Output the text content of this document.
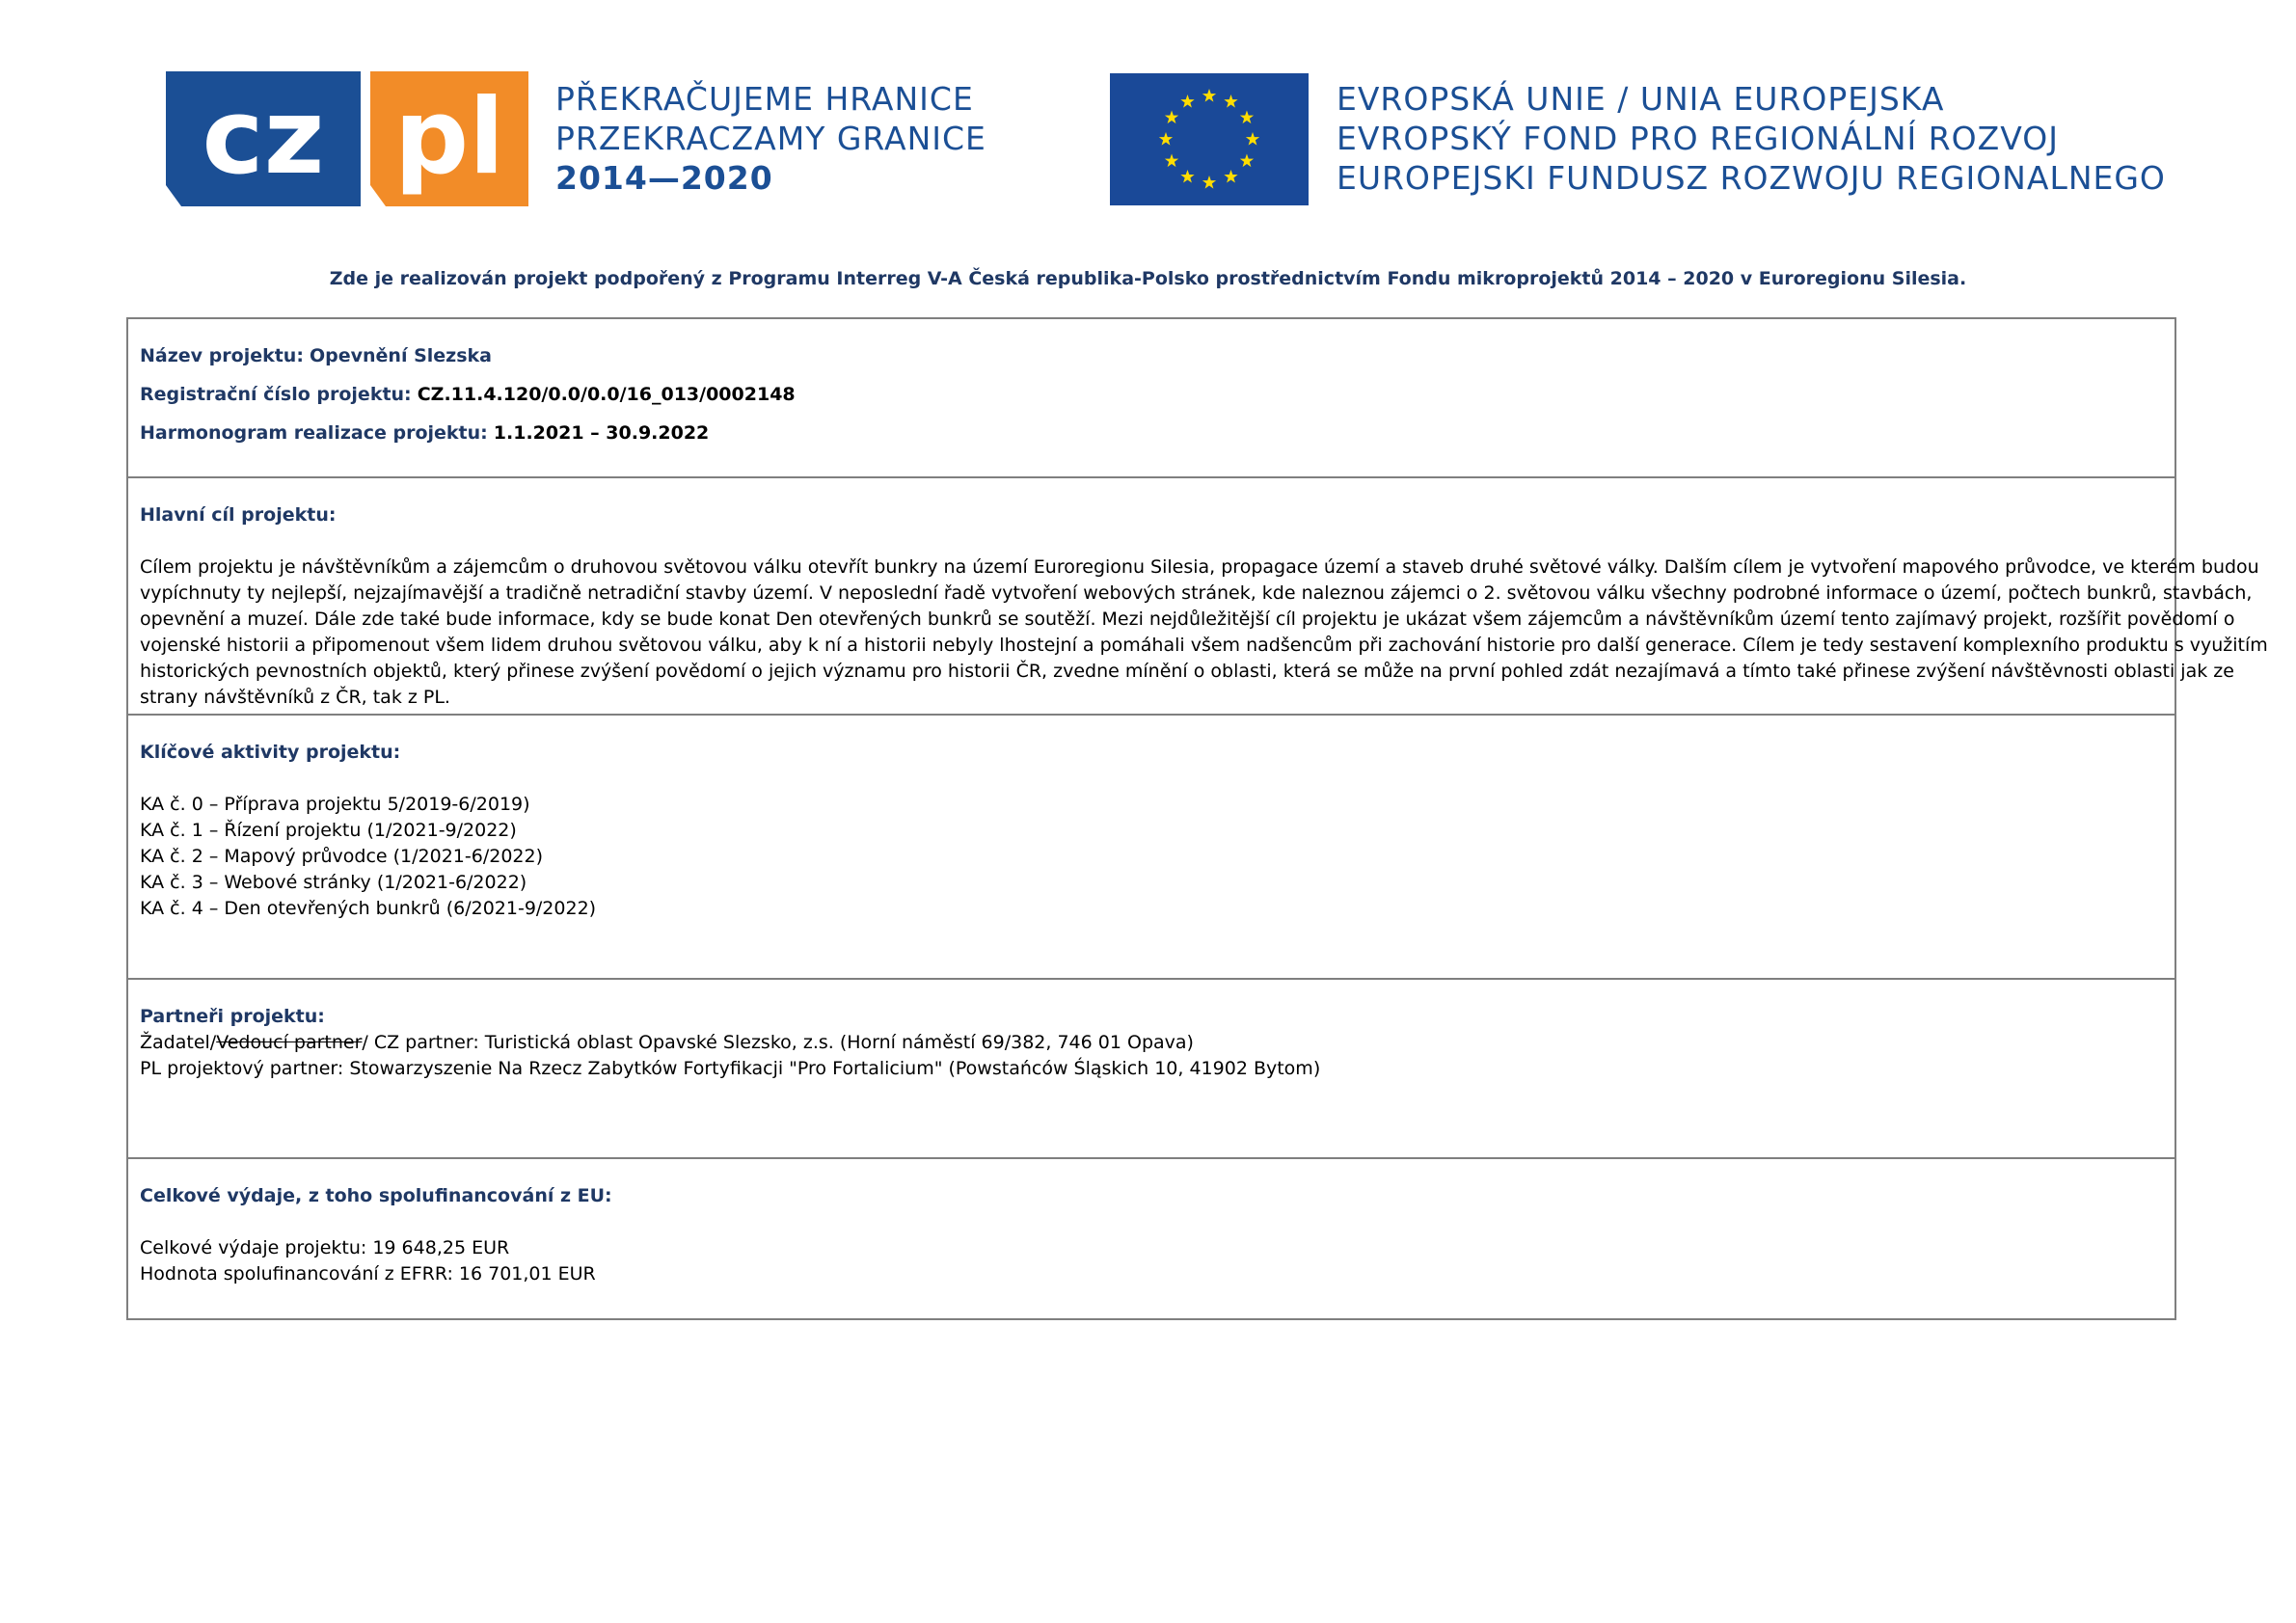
cz pl PŘEKRAČUJEME HRANICE
PRZEKRACZAMY GRANICE
2014—2020
EVROPSKÁ UNIE / UNIA EUROPEJSKA
EVROPSKÝ FOND PRO REGIONÁLNÍ ROZVOJ
EUROPEJSKI FUNDUSZ ROZWOJU REGIONALNEGO
Zde je realizován projekt podpořený z Programu Interreg V-A Česká republika-Polsko prostřednictvím Fondu mikroprojektů 2014 – 2020 v Euroregionu Silesia.
Název projektu: Opevnění Slezska
Registrační číslo projektu: CZ.11.4.120/0.0/0.0/16_013/0002148
Harmonogram realizace projektu: 1.1.2021 – 30.9.2022
Hlavní cíl projektu:
Cílem projektu je návštěvníkům a zájemcům o druhovou světovou válku otevřít bunkry na území Euroregionu Silesia, propagace území a staveb druhé světové války. Dalším cílem je vytvoření mapového průvodce, ve kterém budou
vypíchnuty ty nejlepší, nejzajímavější a tradičně netradiční stavby území. V neposlední řadě vytvoření webových stránek, kde naleznou zájemci o 2. světovou válku všechny podrobné informace o území, počtech bunkrů, stavbách,
opevnění a muzeí. Dále zde také bude informace, kdy se bude konat Den otevřených bunkrů se soutěží. Mezi nejdůležitější cíl projektu je ukázat všem zájemcům a návštěvníkům území tento zajímavý projekt, rozšířit povědomí o
vojenské historii a připomenout všem lidem druhou světovou válku, aby k ní a historii nebyly lhostejní a pomáhali všem nadšencům při zachování historie pro další generace. Cílem je tedy sestavení komplexního produktu s využitím
historických pevnostních objektů, který přinese zvýšení povědomí o jejich významu pro historii ČR, zvedne mínění o oblasti, která se může na první pohled zdát nezajímavá a tímto také přinese zvýšení návštěvnosti oblasti jak ze
strany návštěvníků z ČR, tak z PL.
Klíčové aktivity projektu:
KA č. 0 – Příprava projektu 5/2019-6/2019)
KA č. 1 – Řízení projektu (1/2021-9/2022)
KA č. 2 – Mapový průvodce (1/2021-6/2022)
KA č. 3 – Webové stránky (1/2021-6/2022)
KA č. 4 – Den otevřených bunkrů (6/2021-9/2022)
Partneři projektu:
Žadatel/Vedoucí partner/ CZ partner: Turistická oblast Opavské Slezsko, z.s. (Horní náměstí 69/382, 746 01 Opava)
PL projektový partner: Stowarzyszenie Na Rzecz Zabytków Fortyfikacji "Pro Fortalicium" (Powstańców Śląskich 10, 41902 Bytom)
Celkové výdaje, z toho spolufinancování z EU:
Celkové výdaje projektu: 19 648,25 EUR
Hodnota spolufinancování z EFRR: 16 701,01 EUR
